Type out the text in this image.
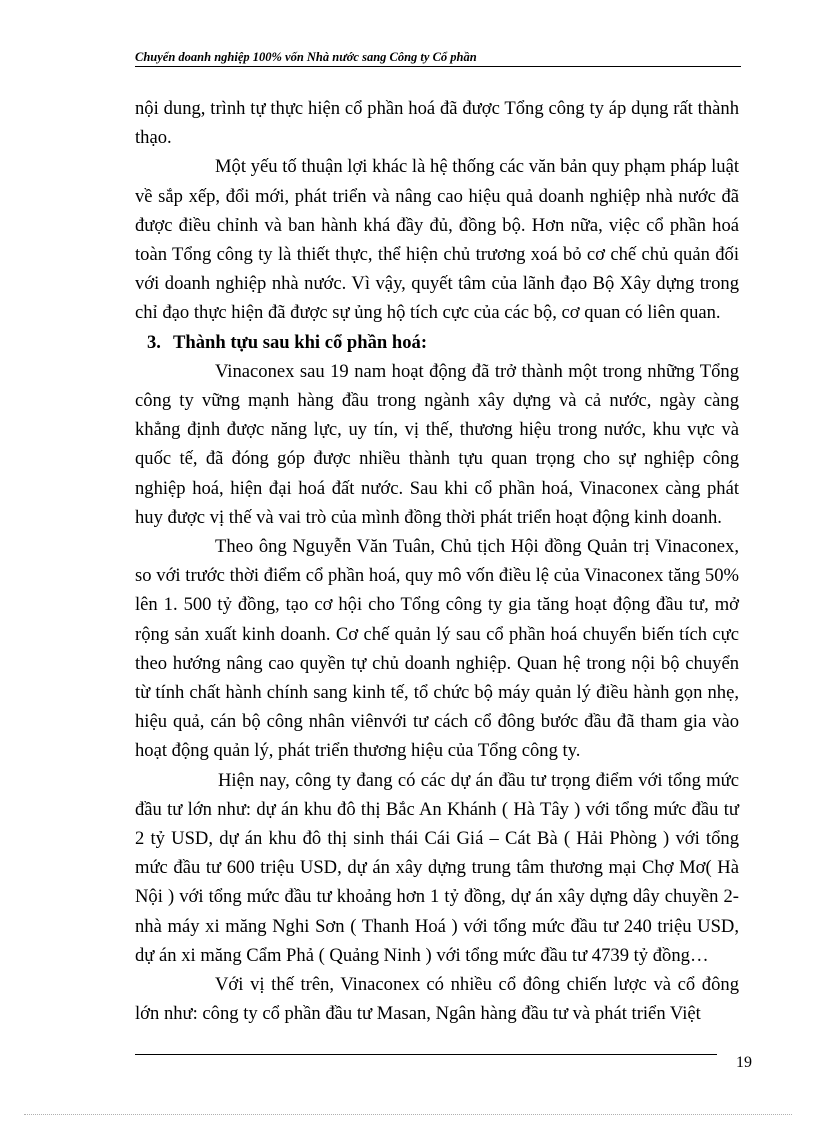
Chuyển doanh nghiệp 100% vốn Nhà nước sang Công ty Cổ phần

nội dung, trình tự thực hiện cổ phần hoá đã được Tổng công ty áp dụng rất thành thạo.

Một yếu tố thuận lợi khác là hệ thống các văn bản quy phạm pháp luật về sắp xếp, đổi mới, phát triển và nâng cao hiệu quả doanh nghiệp nhà nước đã được điều chỉnh và ban hành khá đầy đủ, đồng bộ. Hơn nữa, việc cổ phần hoá toàn Tổng công ty là thiết thực, thể hiện chủ trương xoá bỏ cơ chế chủ quản đối với doanh nghiệp nhà nước. Vì vậy, quyết tâm của lãnh đạo Bộ Xây dựng trong chỉ đạo thực hiện đã được sự ủng hộ tích cực của các bộ, cơ quan có liên quan.

3. Thành tựu sau khi cổ phần hoá:

Vinaconex sau 19 nam hoạt động đã trở thành một trong những Tổng công ty vững mạnh hàng đầu trong ngành xây dựng và cả nước, ngày càng khẳng định được năng lực, uy tín, vị thế, thương hiệu trong nước, khu vực và quốc tế, đã đóng góp được nhiều thành tựu quan trọng cho sự nghiệp công nghiệp hoá, hiện đại hoá đất nước. Sau khi cổ phần hoá, Vinaconex càng phát huy được vị thế và vai trò của mình đồng thời phát triển hoạt động kinh doanh.

Theo ông Nguyễn Văn Tuân, Chủ tịch Hội đồng Quản trị Vinaconex, so với trước thời điểm cổ phần hoá, quy mô vốn điều lệ của Vinaconex tăng 50% lên 1. 500 tỷ đồng, tạo cơ hội cho Tổng công ty gia tăng hoạt động đầu tư, mở rộng sản xuất kinh doanh. Cơ chế quản lý sau cổ phần hoá chuyển biến tích cực theo hướng nâng cao quyền tự chủ doanh nghiệp. Quan hệ trong nội bộ chuyển từ tính chất hành chính sang kinh tế, tổ chức bộ máy quản lý điều hành gọn nhẹ, hiệu quả, cán bộ công nhân viênvới tư cách cổ đông bước đầu đã tham gia vào hoạt động quản lý, phát triển thương hiệu của Tổng công ty.

Hiện nay, công ty đang có các dự án đầu tư trọng điểm với tổng mức đầu tư lớn như: dự án khu đô thị Bắc An Khánh ( Hà Tây ) với tổng mức đầu tư 2 tỷ USD, dự án khu đô thị sinh thái Cái Giá – Cát Bà ( Hải Phòng ) với tổng mức đầu tư 600 triệu USD, dự án xây dựng trung tâm thương mại Chợ Mơ( Hà Nội ) với tổng mức đầu tư khoảng hơn 1 tỷ đồng, dự án xây dựng dây chuyền 2- nhà máy xi măng Nghi Sơn ( Thanh Hoá ) với tổng mức đầu tư 240 triệu USD, dự án xi măng Cẩm Phả ( Quảng Ninh ) với tổng mức đầu tư 4739 tỷ đồng…

Với vị thế trên, Vinaconex có nhiều cổ đông chiến lược và cổ đông lớn như: công ty cổ phần đầu tư Masan, Ngân hàng đầu tư và phát triển Việt

19
